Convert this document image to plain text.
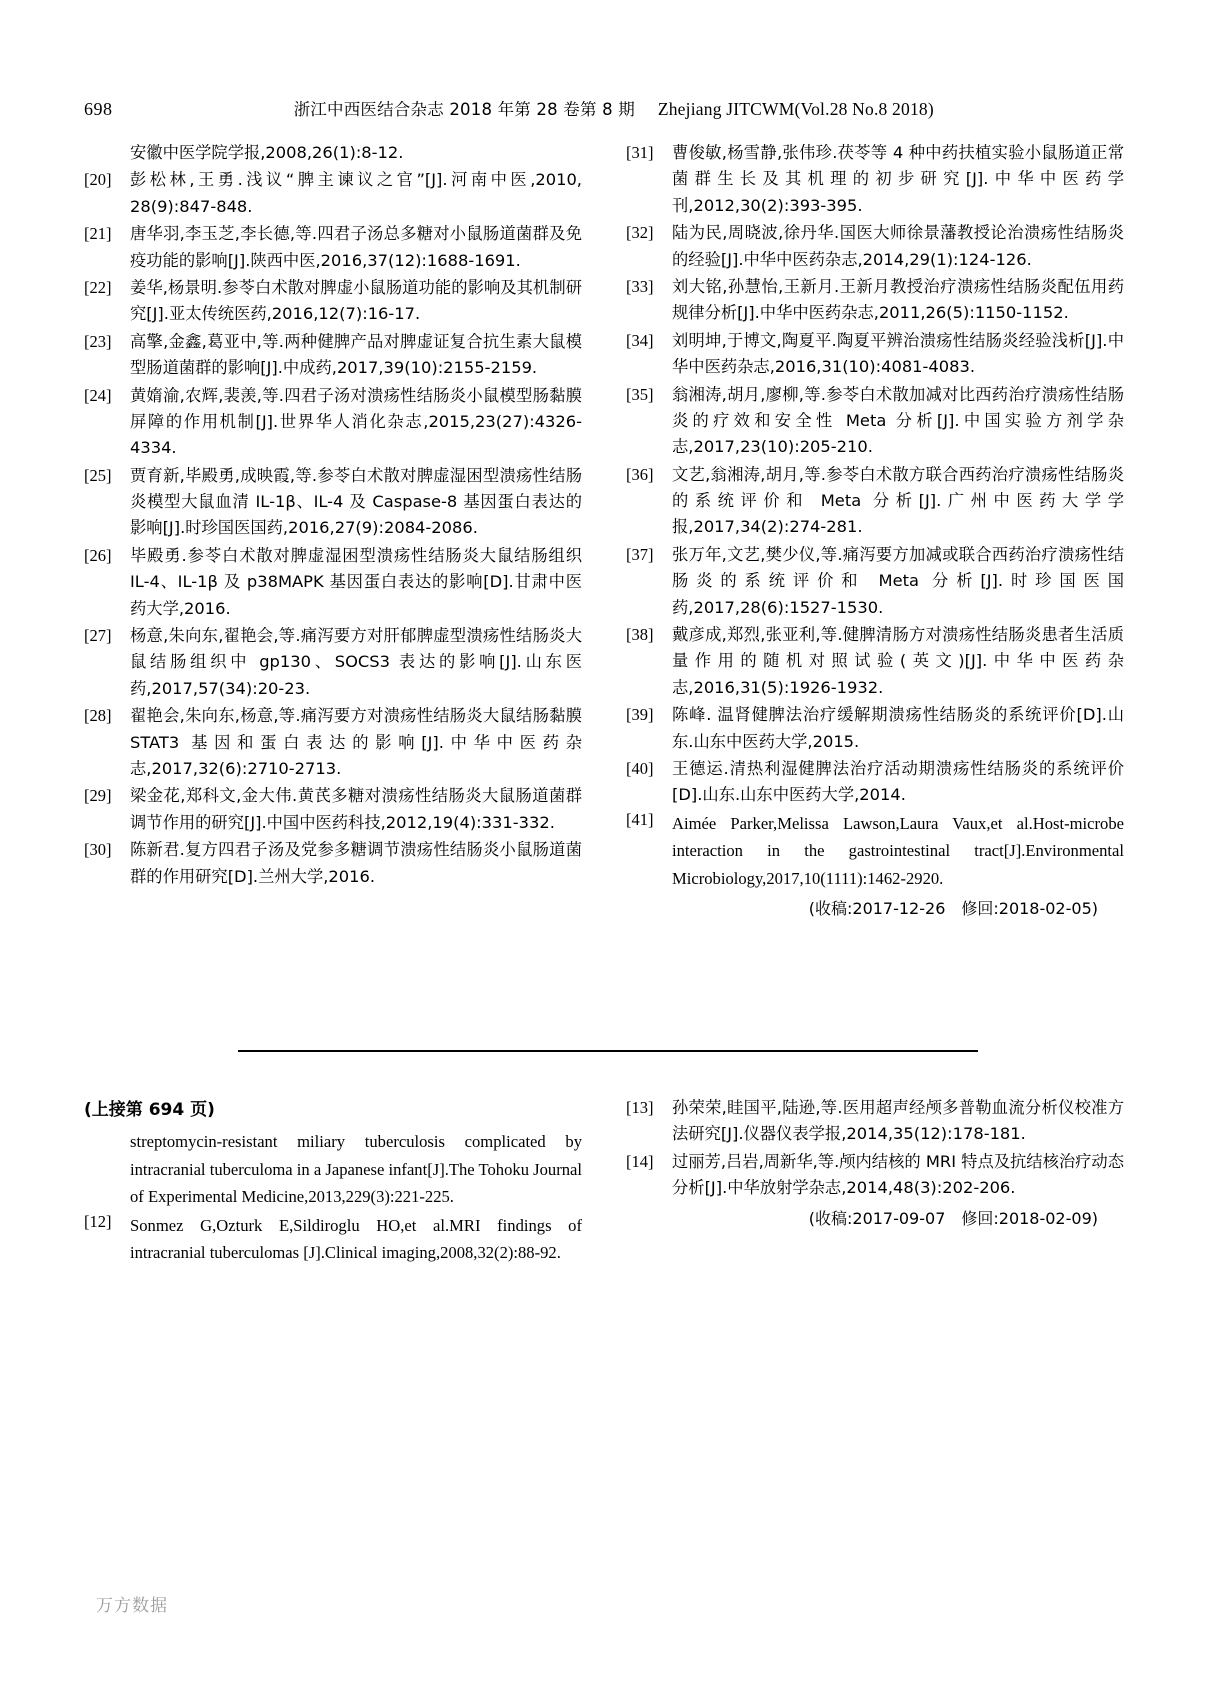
698	浙江中西医结合杂志 2018 年第 28 卷第 8 期 Zhejiang JITCWM(Vol.28 No.8 2018)
安徽中医学院学报,2008,26(1):8-12.
[20]	彭松林,王勇.浅议“脾主谏议之官”[J].河南中医,2010, 28(9):847-848.
[21]	唐华羽,李玉芝,李长德,等.四君子汤总多糖对小鼠肠道菌群及免疫功能的影响[J].陕西中医,2016,37(12):1688-1691.
[22]	姜华,杨景明.参苓白术散对脾虚小鼠肠道功能的影响及其机制研究[J].亚太传统医药,2016,12(7):16-17.
[23]	高擎,金鑫,葛亚中,等.两种健脾产品对脾虚证复合抗生素大鼠模型肠道菌群的影响[J].中成药,2017,39(10):2155-2159.
[24]	黄媠渝,农辉,裴羡,等.四君子汤对溃疡性结肠炎小鼠模型肠黏膜屏障的作用机制[J].世界华人消化杂志,2015,23(27):4326-4334.
[25]	贾育新,毕殿勇,成映霞,等.参苓白术散对脾虚湿困型溃疡性结肠炎模型大鼠血清 IL-1β、IL-4 及 Caspase-8 基因蛋白表达的影响[J].时珍国医国药,2016,27(9):2084-2086.
[26]	毕殿勇.参苓白术散对脾虚湿困型溃疡性结肠炎大鼠结肠组织 IL-4、IL-1β 及 p38MAPK 基因蛋白表达的影响[D].甘肃中医药大学,2016.
[27]	杨意,朱向东,翟艳会,等.痛泻要方对肝郁脾虚型溃疡性结肠炎大鼠结肠组织中 gp130、SOCS3 表达的影响[J].山东医药,2017,57(34):20-23.
[28]	翟艳会,朱向东,杨意,等.痛泻要方对溃疡性结肠炎大鼠结肠黏膜 STAT3 基因和蛋白表达的影响[J].中华中医药杂志,2017,32(6):2710-2713.
[29]	梁金花,郑科文,金大伟.黄芪多糖对溃疡性结肠炎大鼠肠道菌群调节作用的研究[J].中国中医药科技,2012,19(4):331-332.
[30]	陈新君.复方四君子汤及党参多糖调节溃疡性结肠炎小鼠肠道菌群的作用研究[D].兰州大学,2016.
[31]	曹俊敏,杨雪静,张伟珍.茯苓等 4 种中药扶植实验小鼠肠道正常菌群生长及其机理的初步研究[J].中华中医药学刊,2012,30(2):393-395.
[32]	陆为民,周晓波,徐丹华.国医大师徐景藩教授论治溃疡性结肠炎的经验[J].中华中医药杂志,2014,29(1):124-126.
[33]	刘大铭,孙慧怡,王新月.王新月教授治疗溃疡性结肠炎配伍用药规律分析[J].中华中医药杂志,2011,26(5):1150-1152.
[34]	刘明坤,于博文,陶夏平.陶夏平辨治溃疡性结肠炎经验浅析[J].中华中医药杂志,2016,31(10):4081-4083.
[35]	翁湘涛,胡月,廖柳,等.参苓白术散加减对比西药治疗溃疡性结肠炎的疗效和安全性 Meta 分析[J].中国实验方剂学杂志,2017,23(10):205-210.
[36]	文艺,翁湘涛,胡月,等.参苓白术散方联合西药治疗溃疡性结肠炎的系统评价和 Meta 分析[J].广州中医药大学学报,2017,34(2):274-281.
[37]	张万年,文艺,樊少仪,等.痛泻要方加减或联合西药治疗溃疡性结肠炎的系统评价和 Meta 分析[J].时珍国医国药,2017,28(6):1527-1530.
[38]	戴彦成,郑烈,张亚利,等.健脾清肠方对溃疡性结肠炎患者生活质量作用的随机对照试验(英文)[J].中华中医药杂志,2016,31(5):1926-1932.
[39]	陈峰. 温肾健脾法治疗缓解期溃疡性结肠炎的系统评价[D].山东.山东中医药大学,2015.
[40]	王德运.清热利湿健脾法治疗活动期溃疡性结肠炎的系统评价[D].山东.山东中医药大学,2014.
[41]	Aimée Parker,Melissa Lawson,Laura Vaux,et al.Host-microbe interaction in the gastrointestinal tract[J].Environmental Microbiology,2017,10(1111):1462-2920.
(收稿:2017-12-26　修回:2018-02-05)
(上接第 694 页)
streptomycin-resistant miliary tuberculosis complicated by intracranial tuberculoma in a Japanese infant[J].The Tohoku Journal of Experimental Medicine,2013,229(3):221-225.
[12]	Sonmez G,Ozturk E,Sildiroglu HO,et al.MRI findings of intracranial tuberculomas [J].Clinical imaging,2008,32(2):88-92.
[13]	孙荣荣,眭国平,陆逊,等.医用超声经颅多普勒血流分析仪校准方法研究[J].仪器仪表学报,2014,35(12):178-181.
[14]	过丽芳,吕岩,周新华,等.颅内结核的 MRI 特点及抗结核治疗动态分析[J].中华放射学杂志,2014,48(3):202-206.
(收稿:2017-09-07　修回:2018-02-09)
万方数据
